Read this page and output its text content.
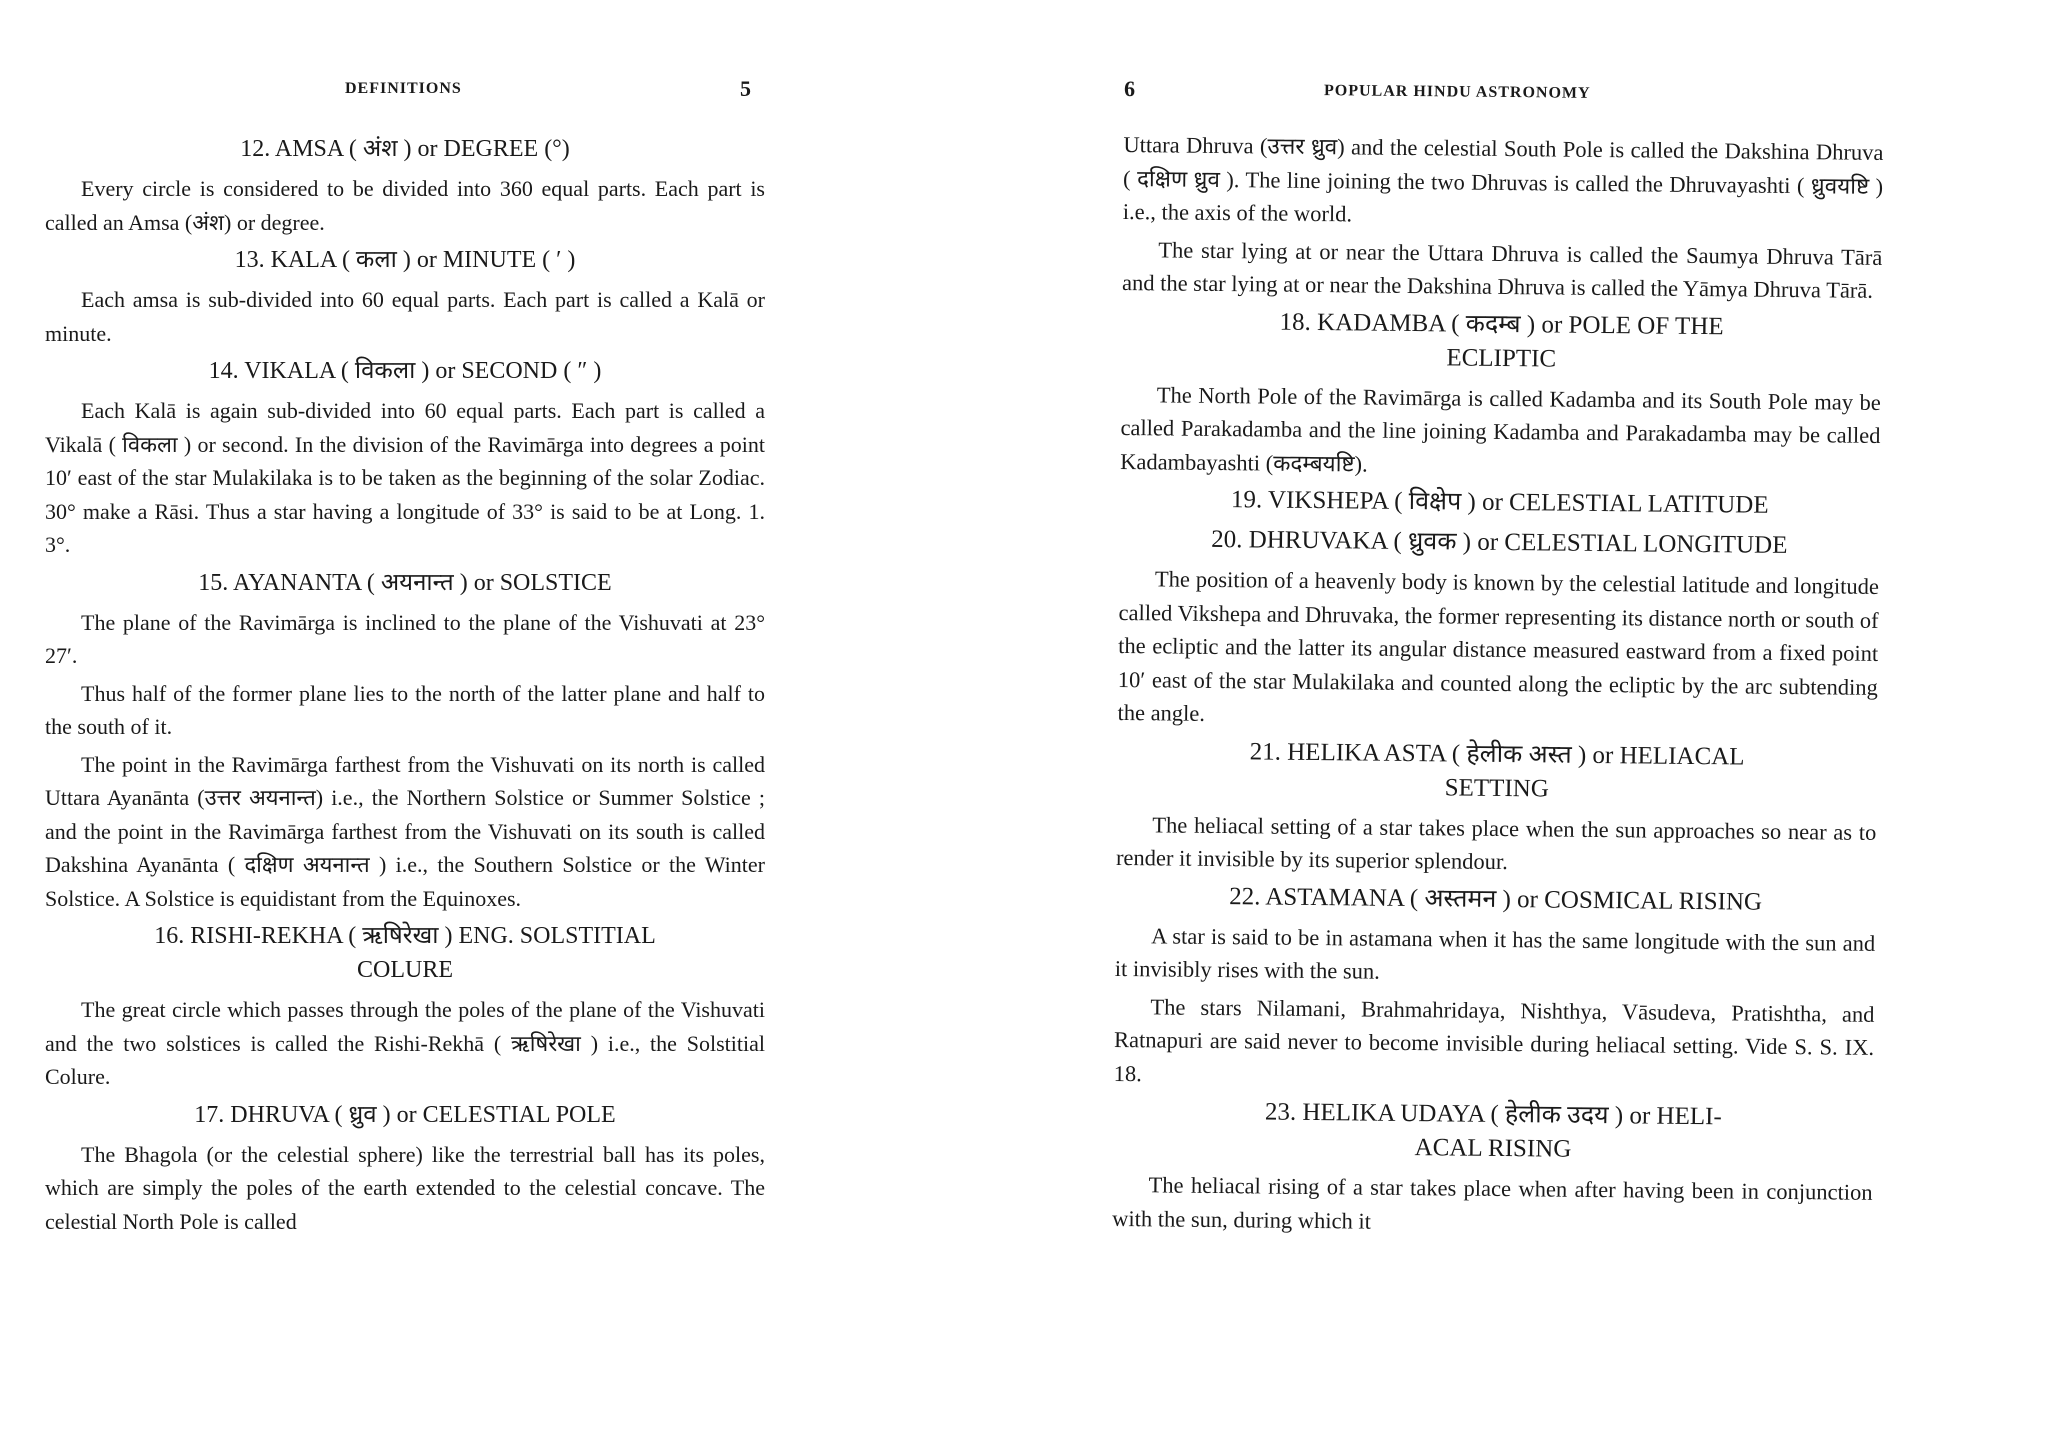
DEFINITIONS	5
12. AMSA ( अंश ) or DEGREE (°)

Every circle is considered to be divided into 360 equal parts. Each part is called an Amsa (अंश) or degree.

13. KALA ( कला ) or MINUTE ( ′ )

Each amsa is sub-divided into 60 equal parts. Each part is called a Kalā or minute.

14. VIKALA ( विकला ) or SECOND ( ″ )

Each Kalā is again sub-divided into 60 equal parts. Each part is called a Vikalā ( विकला ) or second. In the division of the Ravimārga into degrees a point 10′ east of the star Mulakilaka is to be taken as the beginning of the solar Zodiac. 30° make a Rāsi. Thus a star having a longitude of 33° is said to be at Long. 1. 3°.

15. AYANANTA ( अयनान्त ) or SOLSTICE

The plane of the Ravimārga is inclined to the plane of the Vishuvati at 23° 27′.

Thus half of the former plane lies to the north of the latter plane and half to the south of it.

The point in the Ravimārga farthest from the Vishuvati on its north is called Uttara Ayanānta (उत्तर अयनान्त) i.e., the Northern Solstice or Summer Solstice ; and the point in the Ravimārga farthest from the Vishuvati on its south is called Dakshina Ayanānta ( दक्षिण अयनान्त ) i.e., the Southern Solstice or the Winter Solstice. A Solstice is equidistant from the Equinoxes.

16. RISHI-REKHA ( ऋषिरेखा ) ENG. SOLSTITIAL
COLURE

The great circle which passes through the poles of the plane of the Vishuvati and the two solstices is called the Rishi-Rekhā ( ऋषिरेखा ) i.e., the Solstitial Colure.

17. DHRUVA ( ध्रुव ) or CELESTIAL POLE

The Bhagola (or the celestial sphere) like the terrestrial ball has its poles, which are simply the poles of the earth extended to the celestial concave. The celestial North Pole is called

6	POPULAR HINDU ASTRONOMY

Uttara Dhruva (उत्तर ध्रुव) and the celestial South Pole is called the Dakshina Dhruva ( दक्षिण ध्रुव ). The line joining the two Dhruvas is called the Dhruvayashti ( ध्रुवयष्टि ) i.e., the axis of the world.

The star lying at or near the Uttara Dhruva is called the Saumya Dhruva Tārā and the star lying at or near the Dakshina Dhruva is called the Yāmya Dhruva Tārā.

18. KADAMBA ( कदम्ब ) or POLE OF THE
ECLIPTIC

The North Pole of the Ravimārga is called Kadamba and its South Pole may be called Parakadamba and the line joining Kadamba and Parakadamba may be called Kadambayashti (कदम्बयष्टि).

19. VIKSHEPA ( विक्षेप ) or CELESTIAL LATITUDE
20. DHRUVAKA ( ध्रुवक ) or CELESTIAL LONGITUDE

The position of a heavenly body is known by the celestial latitude and longitude called Vikshepa and Dhruvaka, the former representing its distance north or south of the ecliptic and the latter its angular distance measured eastward from a fixed point 10′ east of the star Mulakilaka and counted along the ecliptic by the arc subtending the angle.

21. HELIKA ASTA ( हेलीक अस्त ) or HELIACAL
SETTING

The heliacal setting of a star takes place when the sun approaches so near as to render it invisible by its superior splendour.

22. ASTAMANA ( अस्तमन ) or COSMICAL RISING

A star is said to be in astamana when it has the same longitude with the sun and it invisibly rises with the sun.

The stars Nilamani, Brahmahridaya, Nishthya, Vāsudeva, Pratishtha, and Ratnapuri are said never to become invisible during heliacal setting. Vide S. S. IX. 18.

23. HELIKA UDAYA ( हेलीक उदय ) or HELI-
ACAL RISING

The heliacal rising of a star takes place when after having been in conjunction with the sun, during which it
